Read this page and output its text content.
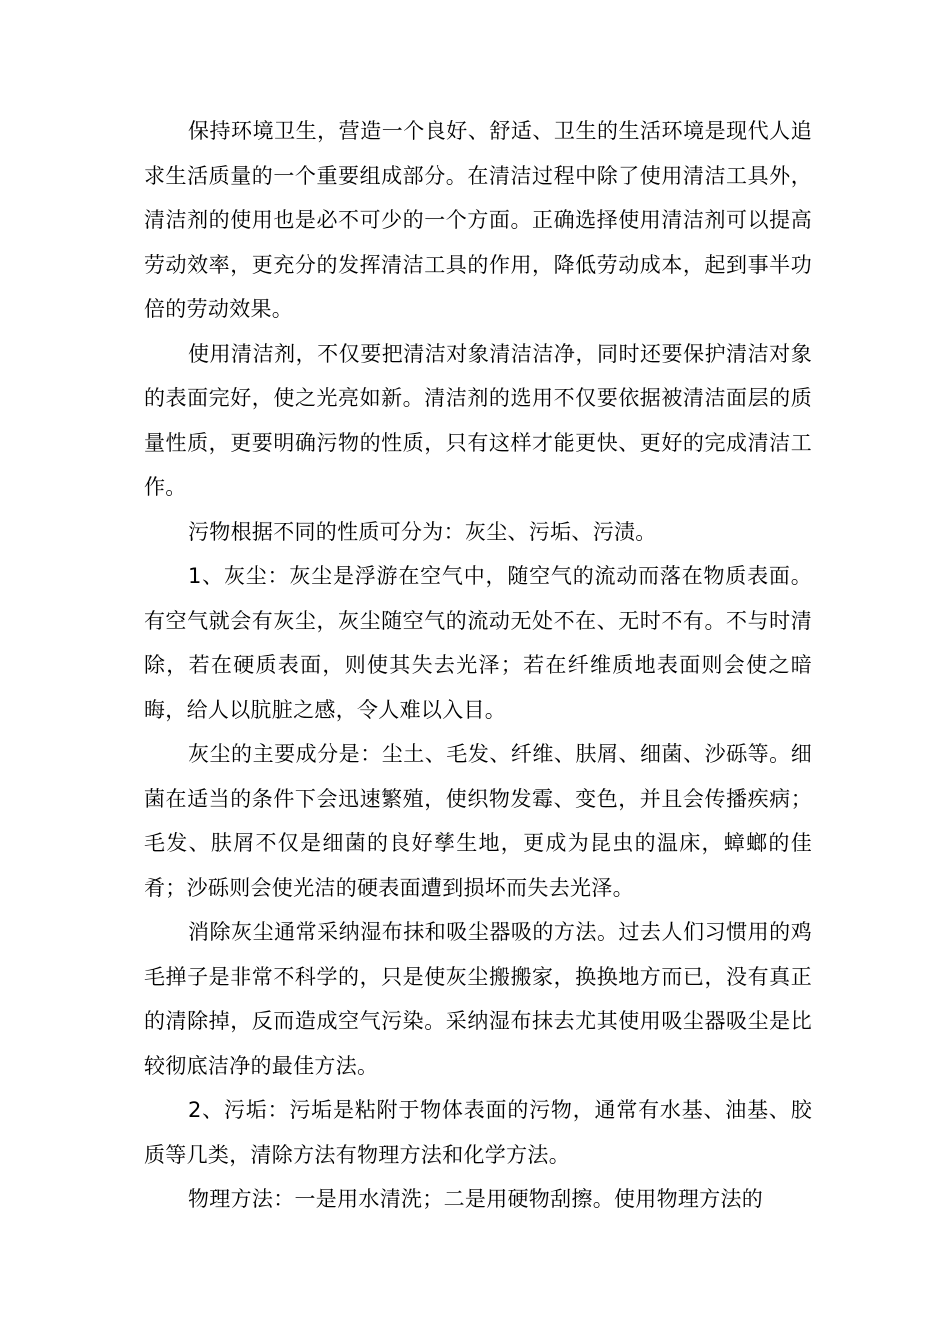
保持环境卫生，营造一个良好、舒适、卫生的生活环境是现代人追求生活质量的一个重要组成部分。在清洁过程中除了使用清洁工具外，清洁剂的使用也是必不可少的一个方面。正确选择使用清洁剂可以提高劳动效率，更充分的发挥清洁工具的作用，降低劳动成本，起到事半功倍的劳动效果。

使用清洁剂，不仅要把清洁对象清洁洁净，同时还要保护清洁对象的表面完好，使之光亮如新。清洁剂的选用不仅要依据被清洁面层的质量性质，更要明确污物的性质，只有这样才能更快、更好的完成清洁工作。

污物根据不同的性质可分为：灰尘、污垢、污渍。

1、灰尘：灰尘是浮游在空气中，随空气的流动而落在物质表面。有空气就会有灰尘，灰尘随空气的流动无处不在、无时不有。不与时清除，若在硬质表面，则使其失去光泽；若在纤维质地表面则会使之暗晦，给人以肮脏之感，令人难以入目。

灰尘的主要成分是：尘土、毛发、纤维、肤屑、细菌、沙砾等。细菌在适当的条件下会迅速繁殖，使织物发霉、变色，并且会传播疾病；毛发、肤屑不仅是细菌的良好孳生地，更成为昆虫的温床，蟑螂的佳肴；沙砾则会使光洁的硬表面遭到损坏而失去光泽。

消除灰尘通常采纳湿布抹和吸尘器吸的方法。过去人们习惯用的鸡毛掸子是非常不科学的，只是使灰尘搬搬家，换换地方而已，没有真正的清除掉，反而造成空气污染。采纳湿布抹去尤其使用吸尘器吸尘是比较彻底洁净的最佳方法。

2、污垢：污垢是粘附于物体表面的污物，通常有水基、油基、胶质等几类，清除方法有物理方法和化学方法。

物理方法：一是用水清洗；二是用硬物刮擦。使用物理方法的
